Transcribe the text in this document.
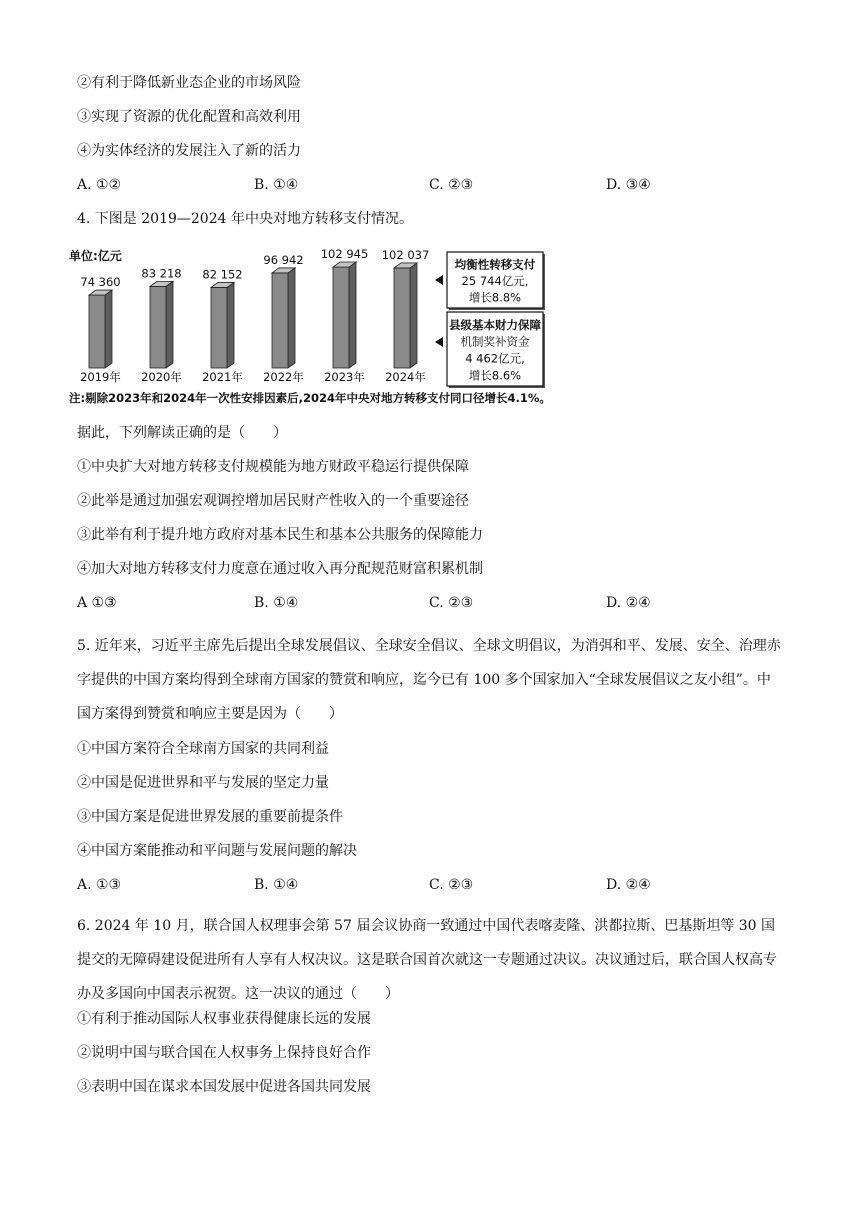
②有利于降低新业态企业的市场风险
③实现了资源的优化配置和高效利用
④为实体经济的发展注入了新的活力
A. ①②	B. ①④	C. ②③	D. ③④
4. 下图是 2019—2024 年中央对地方转移支付情况。
74 360
2019年
83 218
2020年
82 152
2021年
96 942
2022年
102 945
2023年
102 037
2024年
单位:亿元
均衡性转移支付
25 744亿元,
增长8.8%
县级基本财力保障
机制奖补资金
4 462亿元,
增长8.6%
注:剔除2023年和2024年一次性安排因素后,2024年中央对地方转移支付同口径增长4.1%。
据此，下列解读正确的是（　　）
①中央扩大对地方转移支付规模能为地方财政平稳运行提供保障
②此举是通过加强宏观调控增加居民财产性收入的一个重要途径
③此举有利于提升地方政府对基本民生和基本公共服务的保障能力
④加大对地方转移支付力度意在通过收入再分配规范财富积累机制
A ①③	B. ①④	C. ②③	D. ②④
5. 近年来，习近平主席先后提出全球发展倡议、全球安全倡议、全球文明倡议，为消弭和平、发展、安全、治理赤字提供的中国方案均得到全球南方国家的赞赏和响应，迄今已有 100 多个国家加入“全球发展倡议之友小组”。中国方案得到赞赏和响应主要是因为（　　）
①中国方案符合全球南方国家的共同利益
②中国是促进世界和平与发展的坚定力量
③中国方案是促进世界发展的重要前提条件
④中国方案能推动和平问题与发展问题的解决
A. ①③	B. ①④	C. ②③	D. ②④
6. 2024 年 10 月，联合国人权理事会第 57 届会议协商一致通过中国代表喀麦隆、洪都拉斯、巴基斯坦等 30 国提交的无障碍建设促进所有人享有人权决议。这是联合国首次就这一专题通过决议。决议通过后，联合国人权高专办及多国向中国表示祝贺。这一决议的通过（　　）
①有利于推动国际人权事业获得健康长远的发展
②说明中国与联合国在人权事务上保持良好合作
③表明中国在谋求本国发展中促进各国共同发展
